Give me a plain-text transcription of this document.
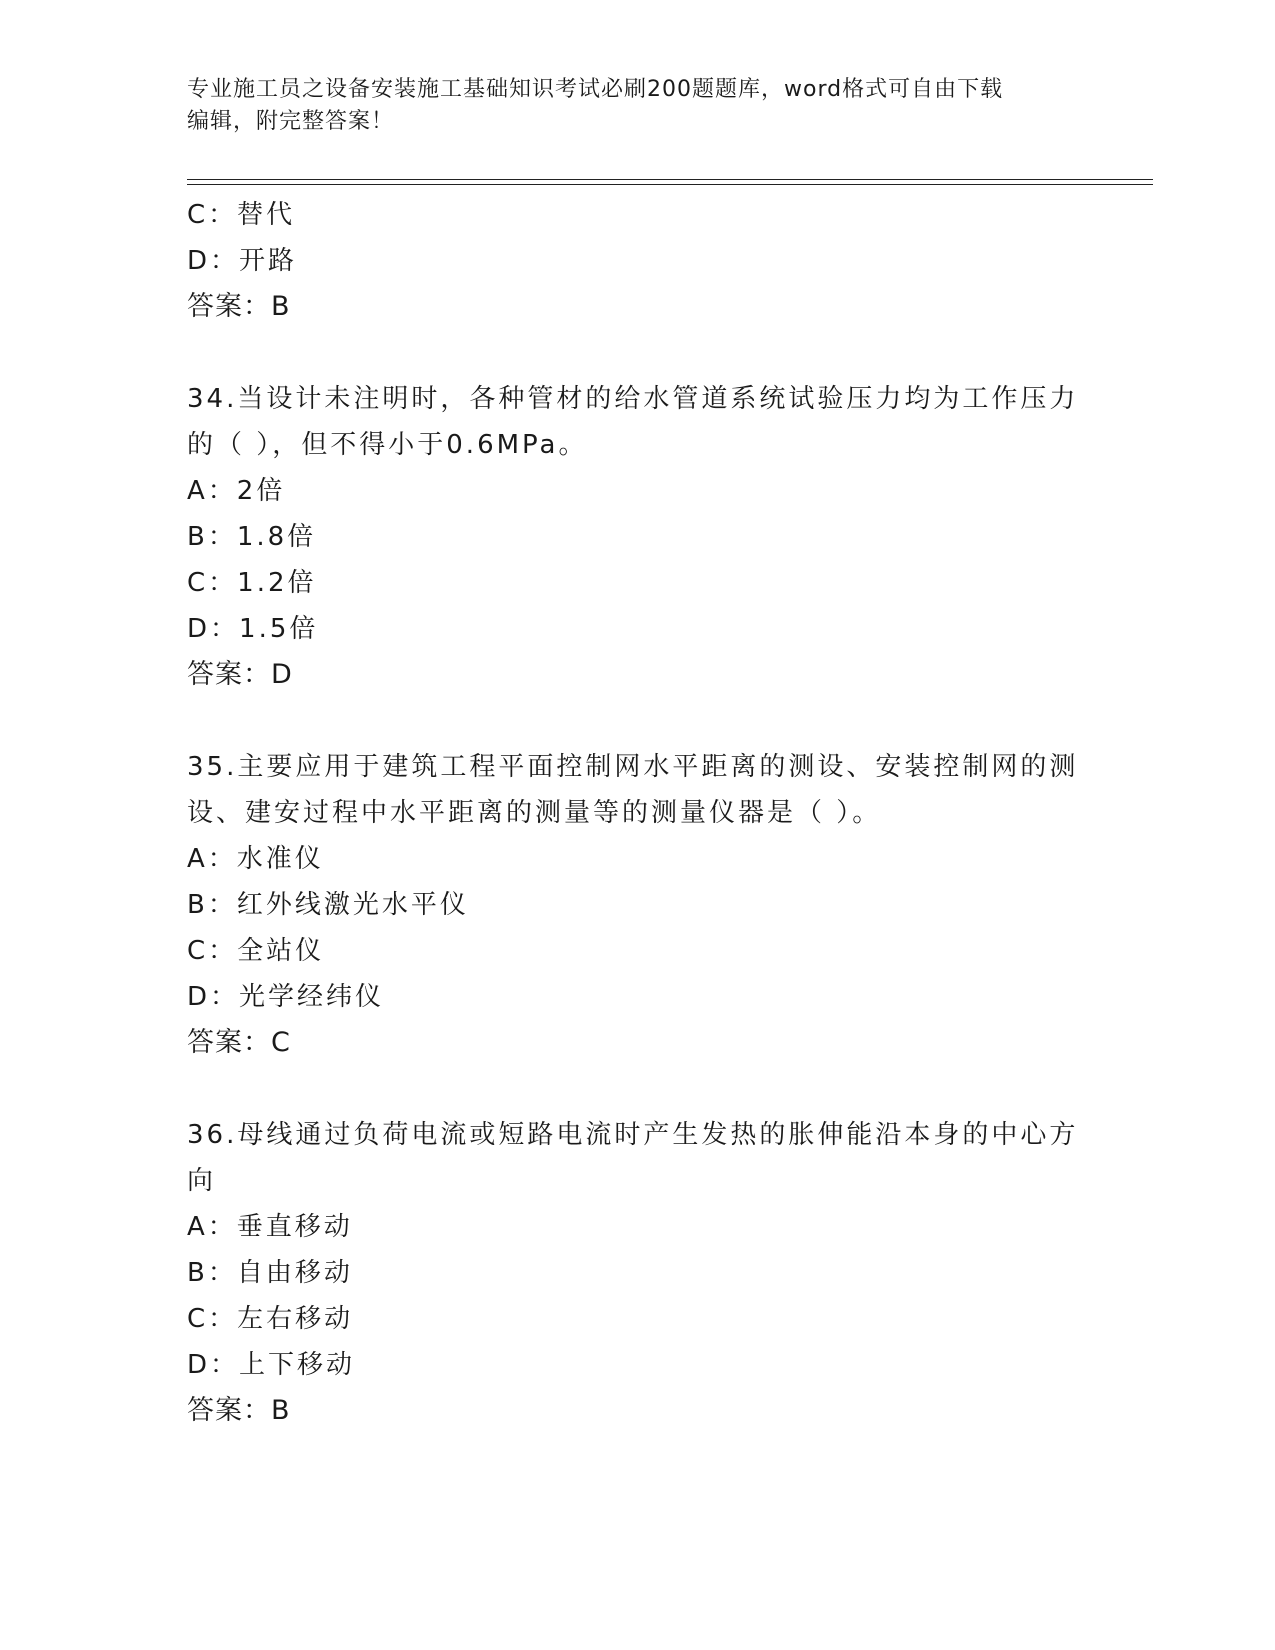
专业施工员之设备安装施工基础知识考试必刷200题题库，word格式可自由下载
编辑，附完整答案！
C：替代
D：开路
答案：B
34.当设计未注明时，各种管材的给水管道系统试验压力均为工作压力
的（ ），但不得小于0.6MPa。
A：2倍
B：1.8倍
C：1.2倍
D：1.5倍
答案：D
35.主要应用于建筑工程平面控制网水平距离的测设、安装控制网的测
设、建安过程中水平距离的测量等的测量仪器是（ ）。
A：水准仪
B：红外线激光水平仪
C：全站仪
D：光学经纬仪
答案：C
36.母线通过负荷电流或短路电流时产生发热的胀伸能沿本身的中心方
向
A：垂直移动
B：自由移动
C：左右移动
D：上下移动
答案：B
